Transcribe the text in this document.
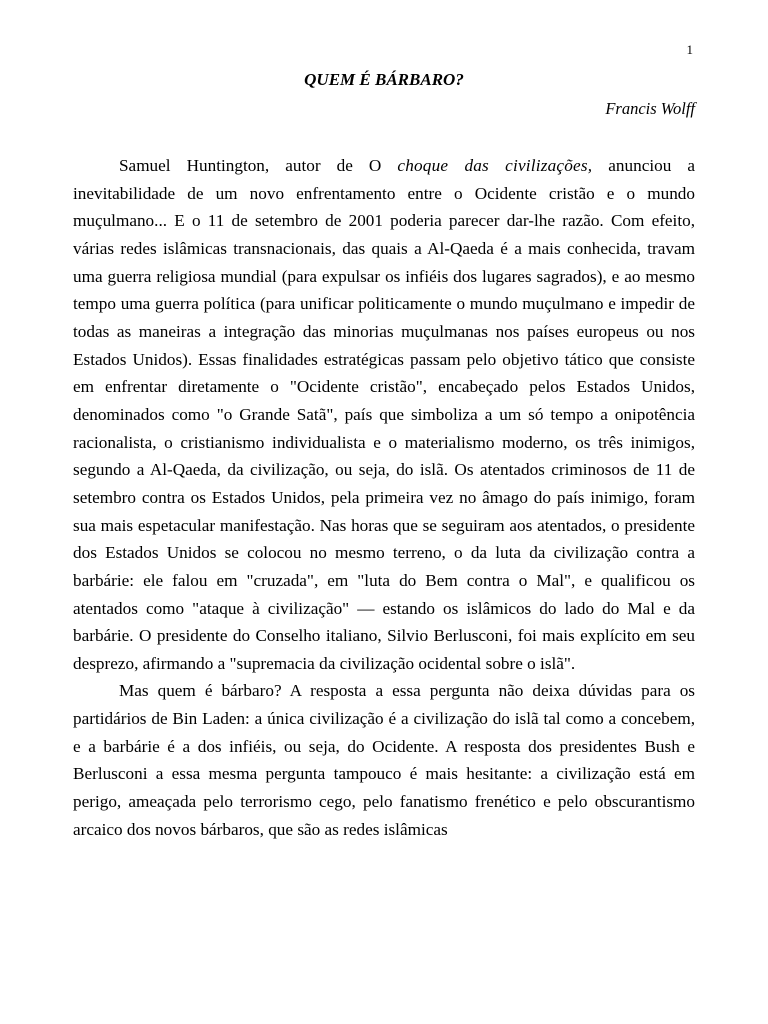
1
QUEM É BÁRBARO?
Francis Wolff

Samuel Huntington, autor de O choque das civilizações, anunciou a inevitabilidade de um novo enfrentamento entre o Ocidente cristão e o mundo muçulmano... E o 11 de setembro de 2001 poderia parecer dar-lhe razão. Com efeito, várias redes islâmicas transnacionais, das quais a Al-Qaeda é a mais conhecida, travam uma guerra religiosa mundial (para expulsar os infiéis dos lugares sagrados), e ao mesmo tempo uma guerra política (para unificar politicamente o mundo muçulmano e impedir de todas as maneiras a integração das minorias muçulmanas nos países europeus ou nos Estados Unidos). Essas finalidades estratégicas passam pelo objetivo tático que consiste em enfrentar diretamente o "Ocidente cristão", encabeçado pelos Estados Unidos, denominados como "o Grande Satã", país que simboliza a um só tempo a onipotência racionalista, o cristianismo individualista e o materialismo moderno, os três inimigos, segundo a Al-Qaeda, da civilização, ou seja, do islã. Os atentados criminosos de 11 de setembro contra os Estados Unidos, pela primeira vez no âmago do país inimigo, foram sua mais espetacular manifestação. Nas horas que se seguiram aos atentados, o presidente dos Estados Unidos se colocou no mesmo terreno, o da luta da civilização contra a barbárie: ele falou em "cruzada", em "luta do Bem contra o Mal", e qualificou os atentados como "ataque à civilização" — estando os islâmicos do lado do Mal e da barbárie. O presidente do Conselho italiano, Silvio Berlusconi, foi mais explícito em seu desprezo, afirmando a "supremacia da civilização ocidental sobre o islã".

Mas quem é bárbaro? A resposta a essa pergunta não deixa dúvidas para os partidários de Bin Laden: a única civilização é a civilização do islã tal como a concebem, e a barbárie é a dos infiéis, ou seja, do Ocidente. A resposta dos presidentes Bush e Berlusconi a essa mesma pergunta tampouco é mais hesitante: a civilização está em perigo, ameaçada pelo terrorismo cego, pelo fanatismo frenético e pelo obscurantismo arcaico dos novos bárbaros, que são as redes islâmicas
